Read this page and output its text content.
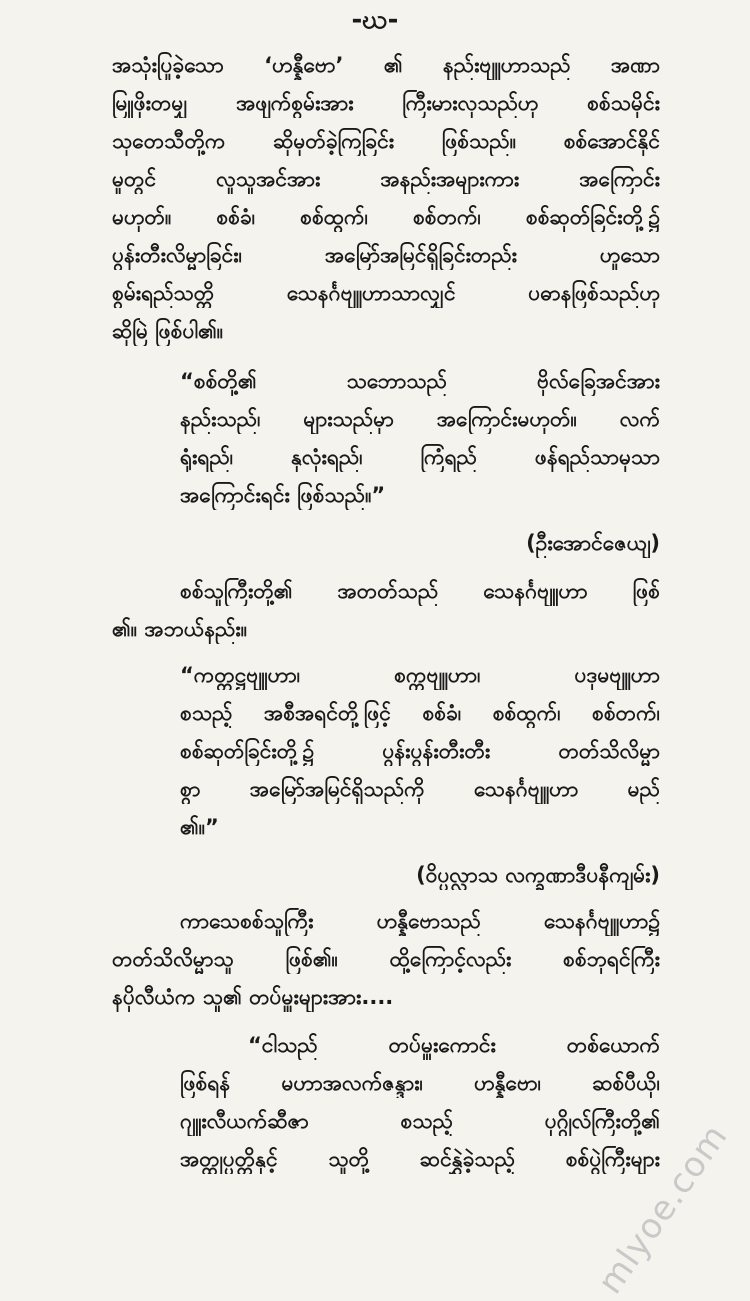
-ဃ-
အသုံးပြုခဲ့သော ‘ဟန္နီဗော’ ၏ နည်းဗျူဟာသည် အဏာ
မြူဖိုးတမျှ အဖျက်စွမ်းအား ကြီးမားလှသည်ဟု စစ်သမိုင်း
သုတေသီတို့က ဆိုမှတ်ခဲ့ကြခြင်း ဖြစ်သည်။ စစ်အောင်နိုင်
မှုတွင် လူသူအင်အား အနည်းအများကား အကြောင်း
မဟုတ်။ စစ်ခံ၊ စစ်ထွက်၊ စစ်တက်၊ စစ်ဆုတ်ခြင်းတို့၌
ပွန်းတီးလိမ္မာခြင်း၊ အမြော်အမြင်ရှိခြင်းတည်း ဟူသော
စွမ်းရည်သတ္တိ သေနင်္ဂဗျူဟာသာလျှင် ပဓာနဖြစ်သည်ဟု
ဆိုမြဲ ဖြစ်ပါ၏။
“စစ်တို့၏ သဘောသည် ဗိုလ်ခြေအင်အား
နည်းသည်၊ များသည်မှာ အကြောင်းမဟုတ်။ လက်
ရုံးရည်၊ နှလုံးရည်၊ ကြံရည် ဖန်ရည်သာမှသာ
အကြောင်းရင်း ဖြစ်သည်။”
(ဦးအောင်ဇေယျ)
စစ်သူကြီးတို့၏ အတတ်သည် သေနင်္ဂဗျူဟာ ဖြစ်
၏။ အဘယ်နည်း။
“ကတ္တဋ္ဌဗျူဟာ၊ စက္ကဗျူဟာ၊ ပဒုမဗျူဟာ
စသည့် အစီအရင်တို့ဖြင့် စစ်ခံ၊ စစ်ထွက်၊ စစ်တက်၊
စစ်ဆုတ်ခြင်းတို့၌ ပွန်းပွန်းတီးတီး တတ်သိလိမ္မာ
စွာ အမြော်အမြင်ရှိသည်ကို သေနင်္ဂဗျူဟာ မည်
၏။”
(ဝိပ္ပလ္လာသ လက္ခဏာဒီပနီကျမ်း)
ကာသေစစ်သူကြီး ဟန္နီဗောသည် သေနင်္ဂဗျူဟာ၌
တတ်သိလိမ္မာသူ ဖြစ်၏။ ထို့ကြောင့်လည်း စစ်ဘုရင်ကြီး
နပိုလီယံက သူ၏ တပ်မှူးများအား....
“ငါသည် တပ်မှူးကောင်း တစ်ယောက်
ဖြစ်ရန် မဟာအလက်ဇန္ဒား၊ ဟန္နီဗော၊ ဆစ်ပီယို၊
ဂျူးလီယက်ဆီဇာ စသည့် ပုဂ္ဂိုလ်ကြီးတို့၏
အတ္ထုပ္ပတ္တိနှင့် သူတို့ ဆင်နွှဲခဲ့သည့် စစ်ပွဲကြီးများ
mlyoe.com
